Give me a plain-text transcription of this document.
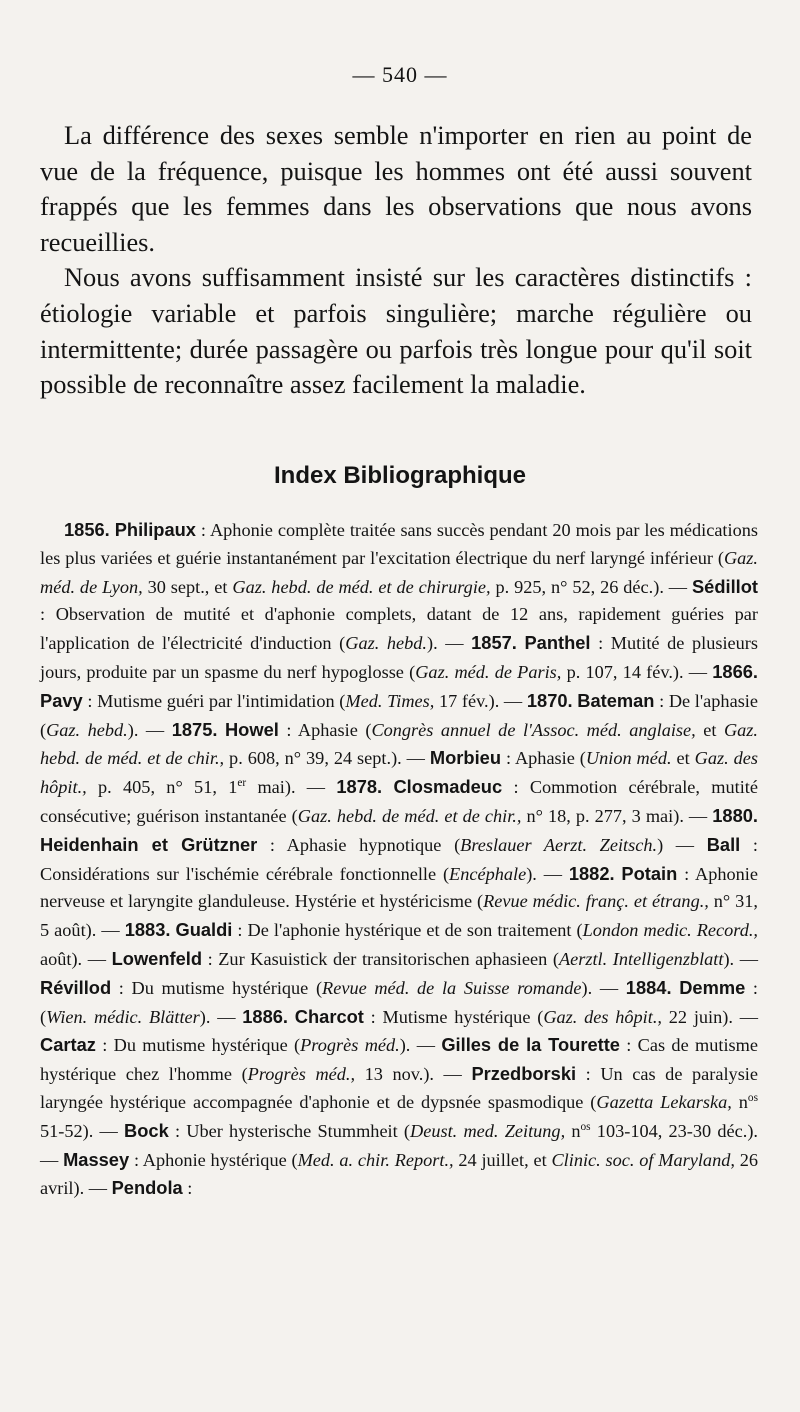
— 540 —

La différence des sexes semble n'importer en rien au point de vue de la fréquence, puisque les hommes ont été aussi souvent frappés que les femmes dans les observations que nous avons recueillies.

Nous avons suffisamment insisté sur les caractères distinctifs : étiologie variable et parfois singulière; marche régulière ou intermittente; durée passagère ou parfois très longue pour qu'il soit possible de reconnaître assez facilement la maladie.

Index Bibliographique
1856. Philipaux : Aphonie complète traitée sans succès pendant 20 mois par les médications les plus variées et guérie instantanément par l'excitation électrique du nerf laryngé inférieur (Gaz. méd. de Lyon, 30 sept., et Gaz. hebd. de méd. et de chirurgie, p. 925, n° 52, 26 déc.). — Sédillot : Observation de mutité et d'aphonie complets, datant de 12 ans, rapidement guéries par l'application de l'électricité d'induction (Gaz. hebd.). — 1857. Panthel : Mutité de plusieurs jours, produite par un spasme du nerf hypoglosse (Gaz. méd. de Paris, p. 107, 14 fév.). — 1866. Pavy : Mutisme guéri par l'intimidation (Med. Times, 17 fév.). — 1870. Bateman : De l'aphasie (Gaz. hebd.). — 1875. Howel : Aphasie (Congrès annuel de l'Assoc. méd. anglaise, et Gaz. hebd. de méd. et de chir., p. 608, n° 39, 24 sept.). — Morbieu : Aphasie (Union méd. et Gaz. des hôpit., p. 405, n° 51, 1er mai). — 1878. Closmadeuc : Commotion cérébrale, mutité consécutive; guérison instantanée (Gaz. hebd. de méd. et de chir., n° 18, p. 277, 3 mai). — 1880. Heidenhain et Grützner : Aphasie hypnotique (Breslauer Aerzt. Zeitsch.) — Ball : Considérations sur l'ischémie cérébrale fonctionnelle (Encéphale). — 1882. Potain : Aphonie nerveuse et laryngite glanduleuse. Hystérie et hystéricisme (Revue médic. franç. et étrang., n° 31, 5 août). — 1883. Gualdi : De l'aphonie hystérique et de son traitement (London medic. Record., août). — Lowenfeld : Zur Kasuistick der transitorischen aphasieen (Aerztl. Intelligenzblatt). — Révillod : Du mutisme hystérique (Revue méd. de la Suisse romande). — 1884. Demme : (Wien. médic. Blätter). — 1886. Charcot : Mutisme hystérique (Gaz. des hôpit., 22 juin). — Cartaz : Du mutisme hystérique (Progrès méd.). — Gilles de la Tourette : Cas de mutisme hystérique chez l'homme (Progrès méd., 13 nov.). — Przedborski : Un cas de paralysie laryngée hystérique accompagnée d'aphonie et de dypsnée spasmodique (Gazetta Lekarska, $n^{os}$ 51-52). — Bock : Uber hysterische Stummheit (Deust. med. Zeitung, $n^{os}$ 103-104, 23-30 déc.). — Massey : Aphonie hystérique (Med. a. chir. Report., 24 juillet, et Clinic. soc. of Maryland, 26 avril). — Pendola :
